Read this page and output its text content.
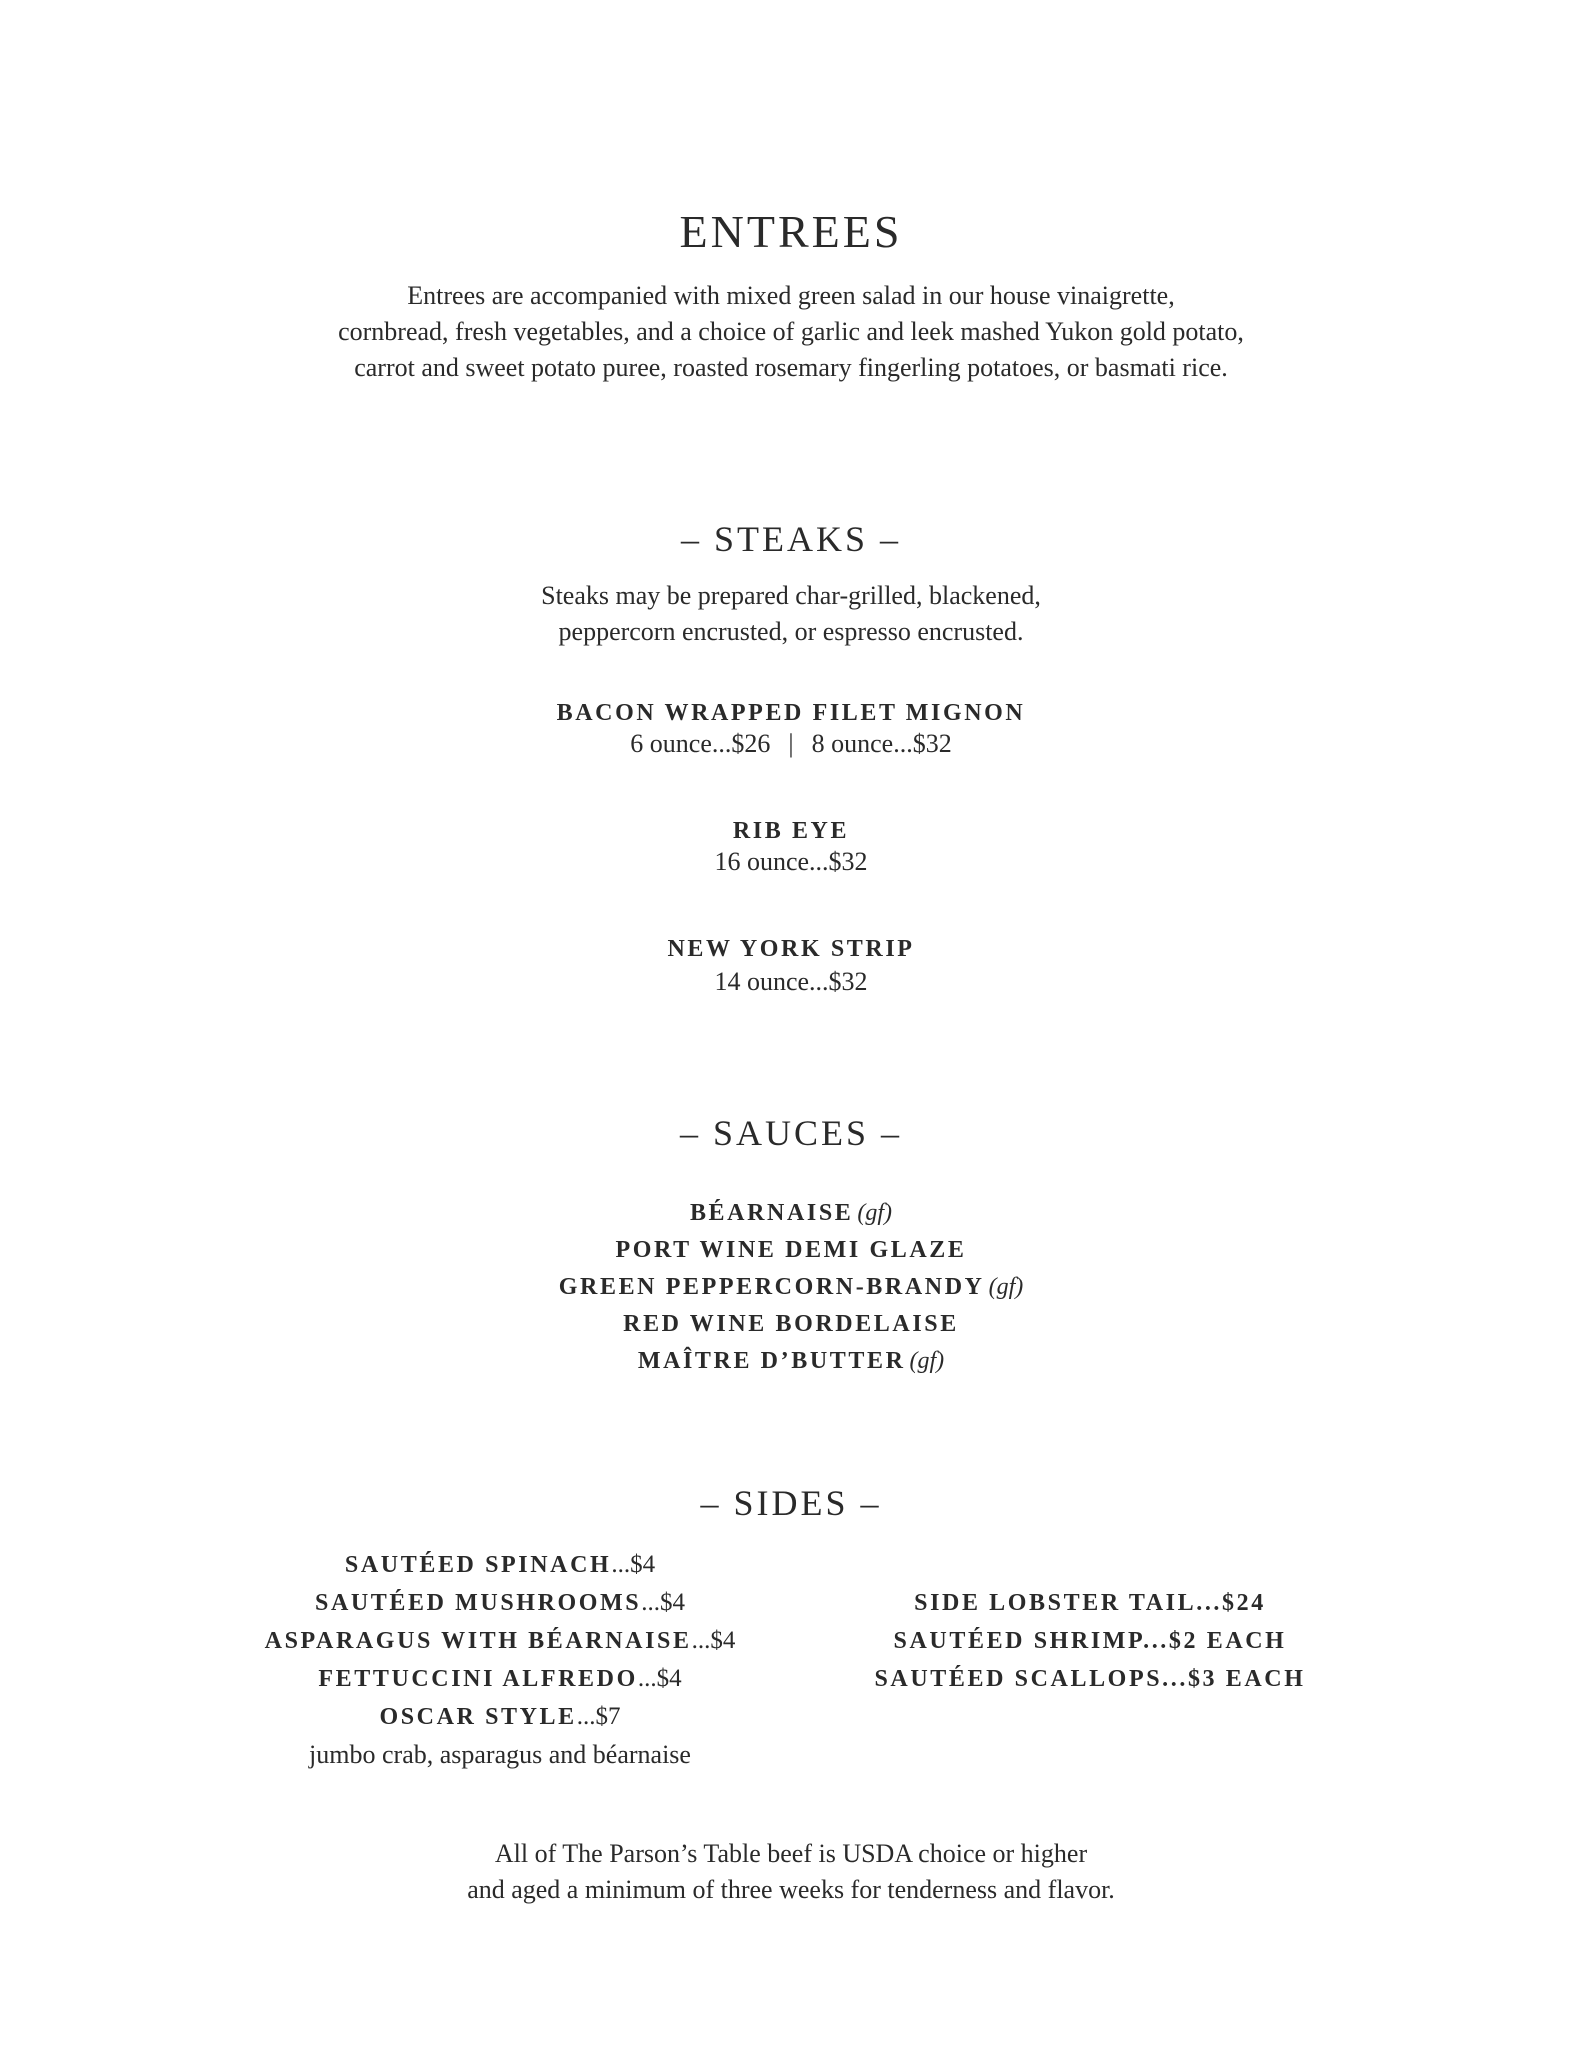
ENTREES
Entrees are accompanied with mixed green salad in our house vinaigrette,
cornbread, fresh vegetables, and a choice of garlic and leek mashed Yukon gold potato,
carrot and sweet potato puree, roasted rosemary fingerling potatoes, or basmati rice.
– STEAKS –
Steaks may be prepared char-grilled, blackened,
peppercorn encrusted, or espresso encrusted.
BACON WRAPPED FILET MIGNON
6 ounce...$26 | 8 ounce...$32
RIB EYE
16 ounce...$32
NEW YORK STRIP
14 ounce...$32
– SAUCES –
BÉARNAISE (gf)
PORT WINE DEMI GLAZE
GREEN PEPPERCORN-BRANDY (gf)
RED WINE BORDELAISE
MAÎTRE D’BUTTER (gf)
– SIDES –
SAUTÉED SPINACH...$4
SAUTÉED MUSHROOMS...$4
ASPARAGUS WITH BÉARNAISE...$4
FETTUCCINI ALFREDO...$4
OSCAR STYLE...$7
jumbo crab, asparagus and béarnaise
SIDE LOBSTER TAIL...$24
SAUTÉED SHRIMP...$2 EACH
SAUTÉED SCALLOPS...$3 EACH
All of The Parson’s Table beef is USDA choice or higher
and aged a minimum of three weeks for tenderness and flavor.
